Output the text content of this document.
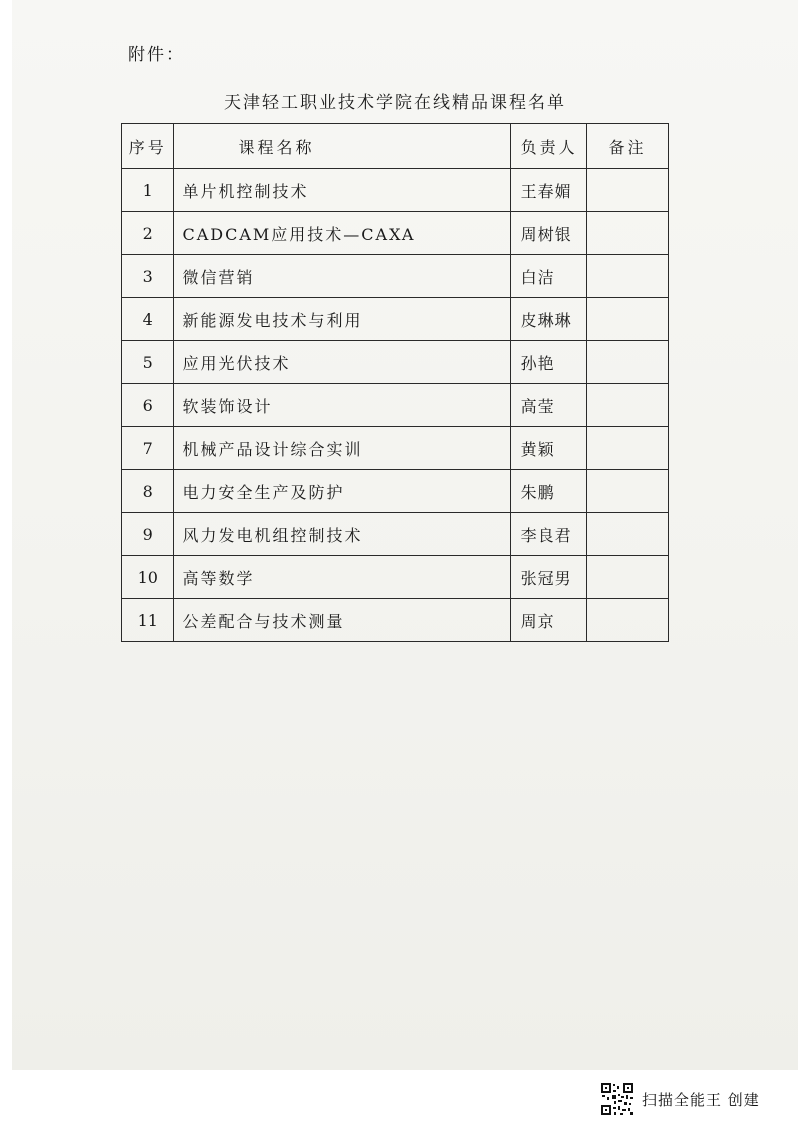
附件：
天津轻工职业技术学院在线精品课程名单
序号	课程名称	负责人	备注
1	单片机控制技术	王春媚	
2	CADCAM应用技术—CAXA	周树银	
3	微信营销	白洁	
4	新能源发电技术与利用	皮琳琳	
5	应用光伏技术	孙艳	
6	软装饰设计	高莹	
7	机械产品设计综合实训	黄颖	
8	电力安全生产及防护	朱鹏	
9	风力发电机组控制技术	李良君	
10	高等数学	张冠男	
11	公差配合与技术测量	周京	
扫描全能王 创建
